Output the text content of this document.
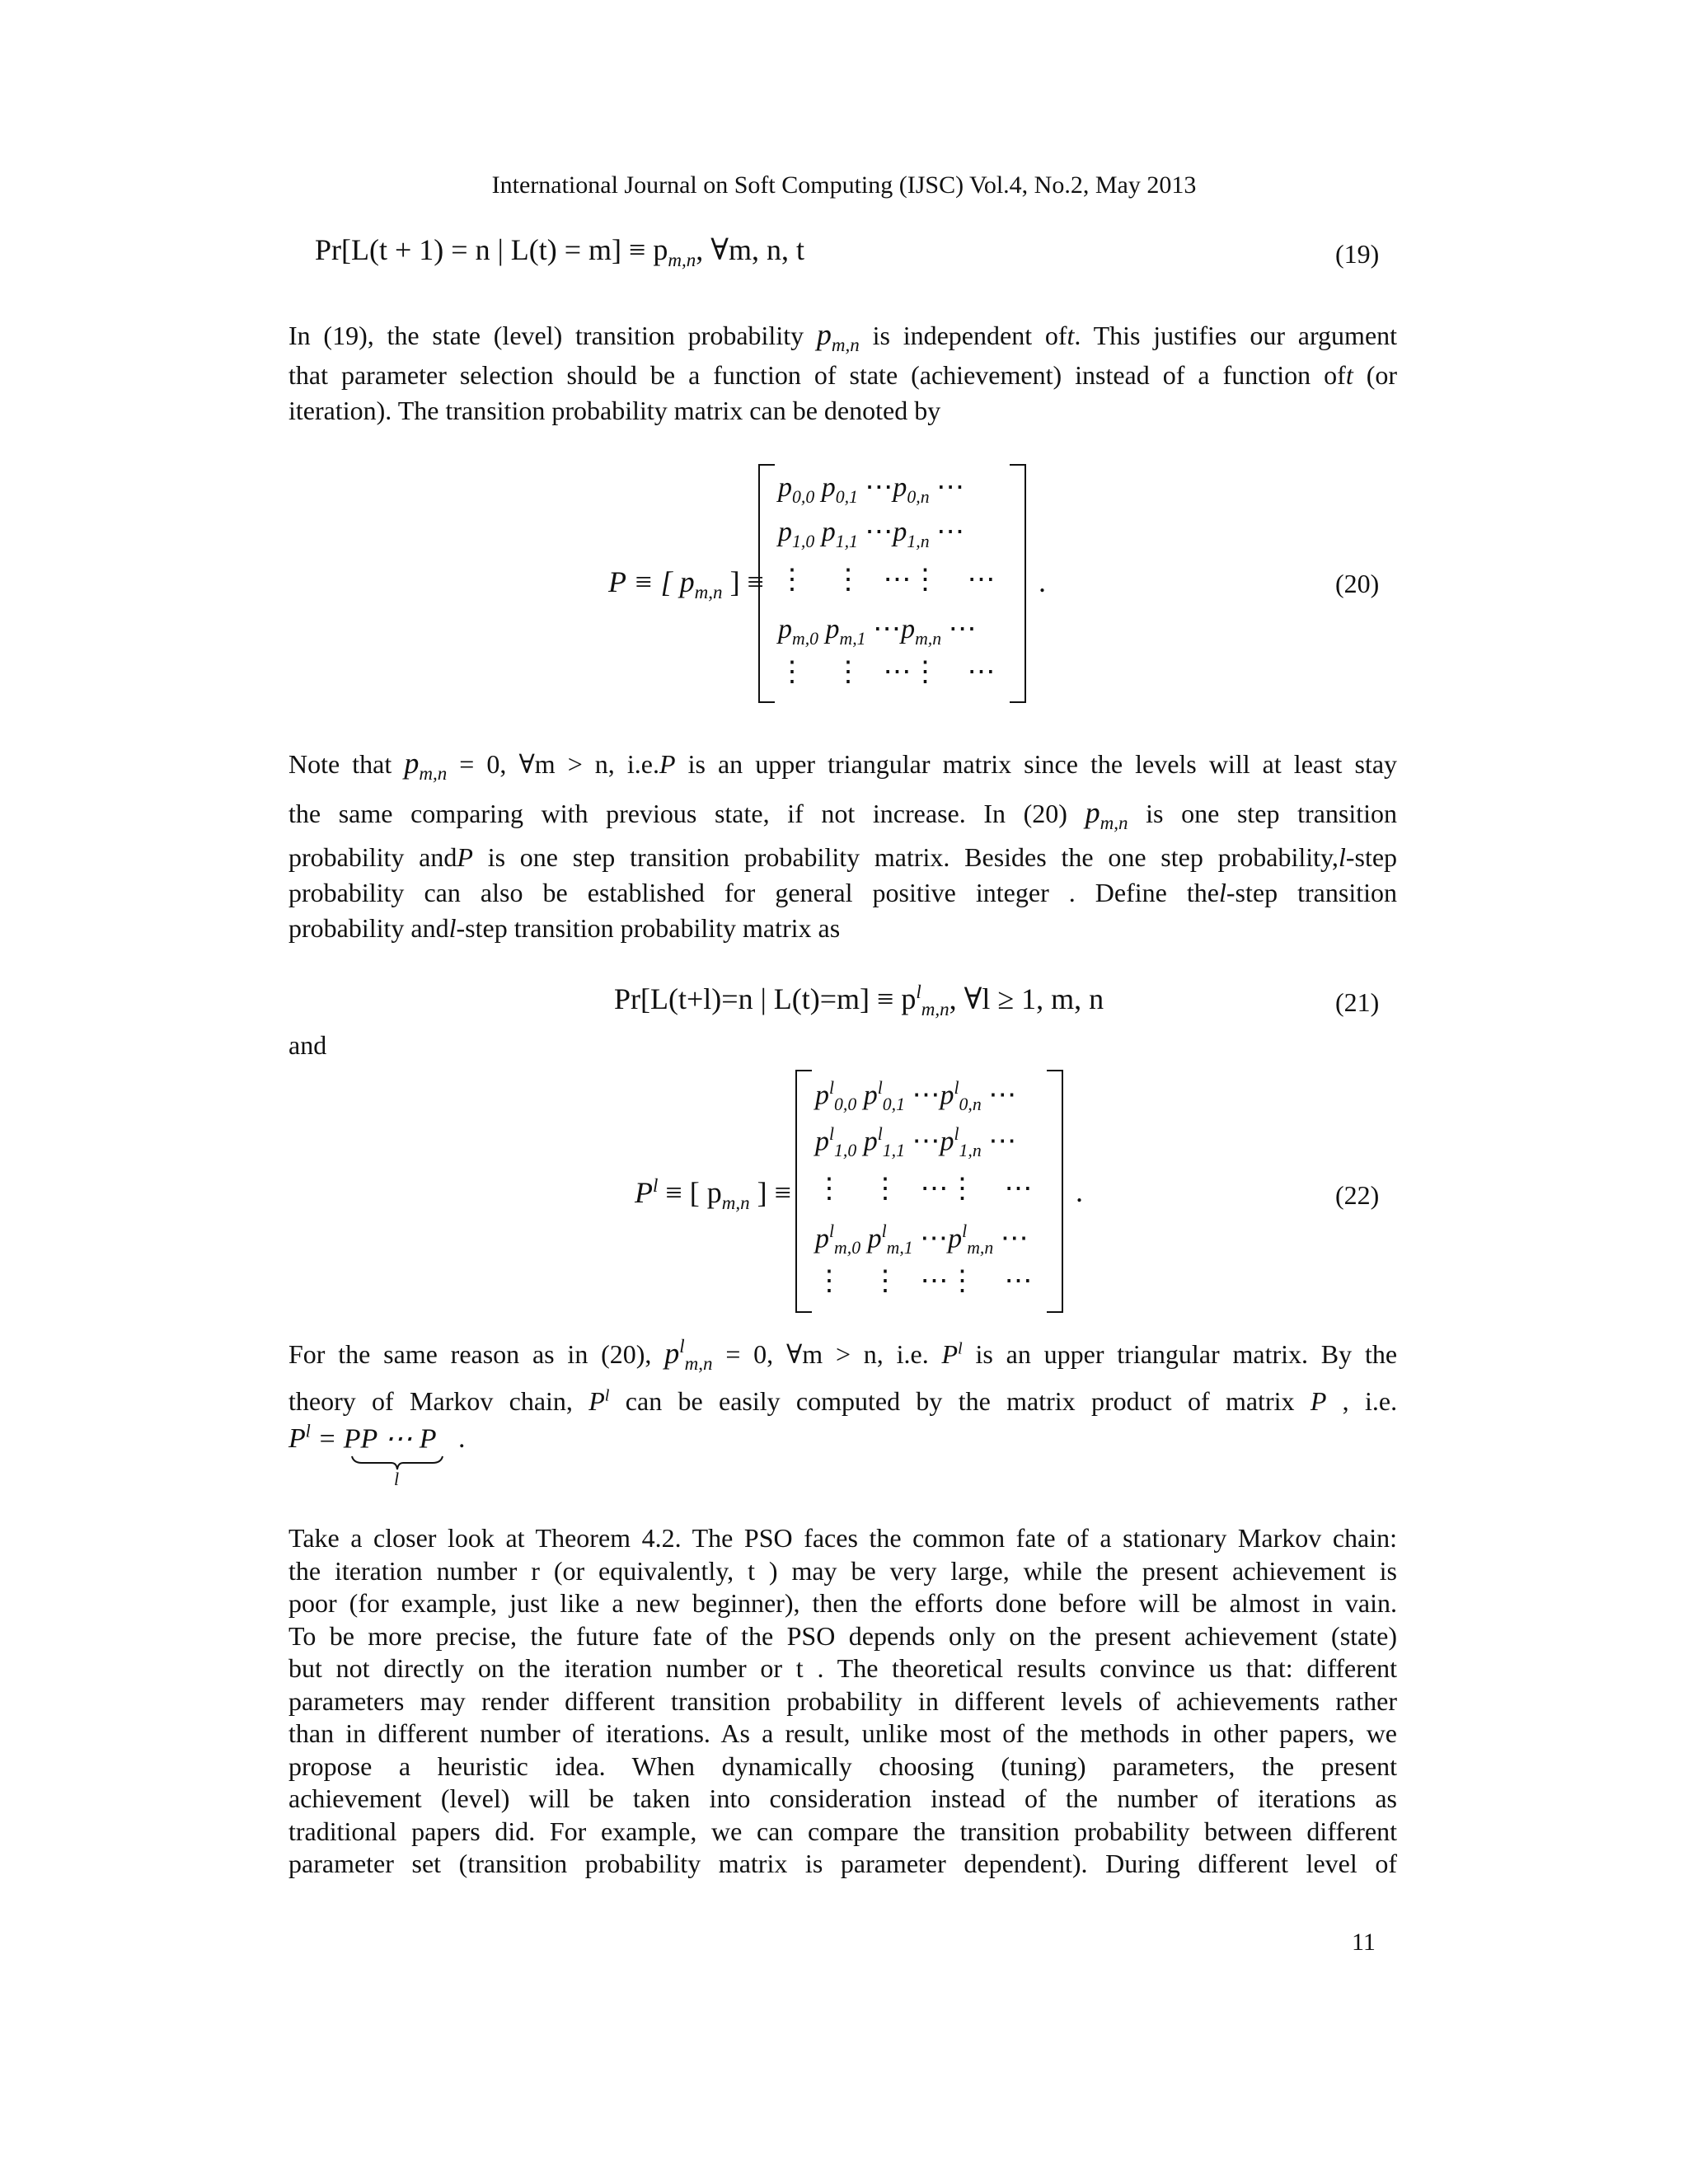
International Journal on Soft Computing (IJSC) Vol.4, No.2, May 2013
Pr[L(t + 1) = n | $L(t) = m] \equiv p_{m,n}$, ∀m, n, t	(19)
In (19), the state (level) transition probability $p_{m,n}$ is independent oft. This justifies our argument
that parameter selection should be a function of state (achievement) instead of a function oft (or
iteration). The transition probability matrix can be denoted by
P ≡ [ $p_{m,n}$ ] ≡
$p_{0,0}$ $p_{0,1}$ $\cdots p_{0,n}$ ⋯
$p_{1,0}$ $p_{1,1}$ $\cdots p_{1,n}$ ⋯
⋮    ⋮   ⋯⋮    ⋯
$p_{m,0}$ $p_{m,1}$ $\cdots p_{m,n}$ ⋯
⋮    ⋮   ⋯⋮    ⋯
.	(20)
Note that $p_{m,n} = 0$, ∀m > n, i.e.P is an upper triangular matrix since the levels will at least stay
the same comparing with previous state, if not increase. In (20) $p_{m,n}$ is one step transition
probability andP is one step transition probability matrix. Besides the one step probability,l-step
probability can also be established for general positive integer . Define thel-step transition
probability andl-step transition probability matrix as
Pr[L(t+l)=n | $L(t)=m] \equiv p^l_{m,n}$, ∀l ≥ 1, m, n	(21)
and
$P^l$ ≡ [ $p_{m,n}$ ] ≡
$p^l_{0,0}$ $p^l_{0,1}$ $\cdots p^l_{0,n}$ ⋯
$p^l_{1,0}$ $p^l_{1,1}$ $\cdots p^l_{1,n}$ ⋯
⋮    ⋮   ⋯⋮    ⋯
$p^l_{m,0}$ $p^l_{m,1}$ $\cdots p^l_{m,n}$ ⋯
⋮    ⋮   ⋯⋮    ⋯
.	(22)
For the same reason as in (20), $p^l_{m,n} = 0$, ∀m > n, i.e. $P^l$ is an upper triangular matrix. By the
theory of Markov chain, $P^l$ can be easily computed by the matrix product of matrix P , i.e.
$P^l$ = PP ⋯ P .
l
Take a closer look at Theorem 4.2. The PSO faces the common fate of a stationary Markov chain:
the iteration number r (or equivalently, t ) may be very large, while the present achievement is
poor (for example, just like a new beginner), then the efforts done before will be almost in vain.
To be more precise, the future fate of the PSO depends only on the present achievement (state)
but not directly on the iteration number or t . The theoretical results convince us that: different
parameters may render different transition probability in different levels of achievements rather
than in different number of iterations. As a result, unlike most of the methods in other papers, we
propose a heuristic idea. When dynamically choosing (tuning) parameters, the present
achievement (level) will be taken into consideration instead of the number of iterations as
traditional papers did. For example, we can compare the transition probability between different
parameter set (transition probability matrix is parameter dependent). During different level of
11
